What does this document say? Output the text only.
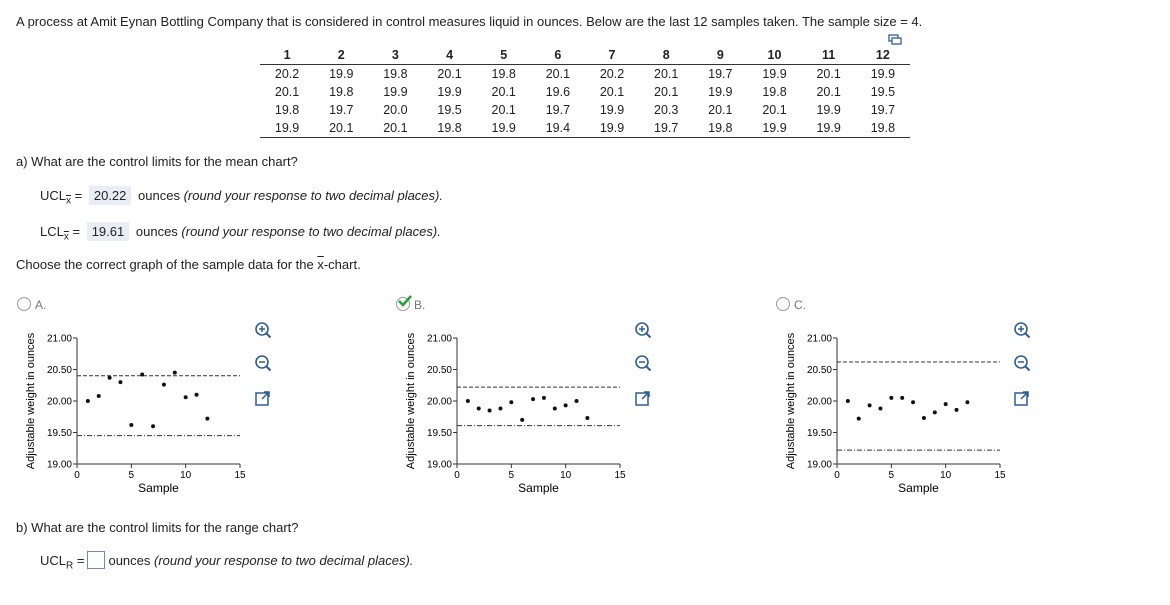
A process at Amit Eynan Bottling Company that is considered in control measures liquid in ounces. Below are the last 12 samples taken. The sample size = 4.
1	2	3	4	5	6	7	8	9	10	11	12
20.2	19.9	19.8	20.1	19.8	20.1	20.2	20.1	19.7	19.9	20.1	19.9
20.1	19.8	19.9	19.9	20.1	19.6	20.1	20.1	19.9	19.8	20.1	19.5
19.8	19.7	20.0	19.5	20.1	19.7	19.9	20.3	20.1	20.1	19.9	19.7
19.9	20.1	20.1	19.8	19.9	19.4	19.9	19.7	19.8	19.9	19.9	19.8
a) What are the control limits for the mean chart?
$UCL_{\overline{x}} = 20.22$ ounces (round your response to two decimal places).
$LCL_{\overline{x}} = 19.61$ ounces (round your response to two decimal places).
Choose the correct graph of the sample data for the $\overline{x}$-chart.
A.	B.	C.
Adjustable weight in ounces 21.00
20.50
20.00
19.50
19.00
0	5	10	15
Sample
Adjustable weight in ounces 21.00
20.50
20.00
19.50
19.00
0	5	10	15
Sample
Adjustable weight in ounces 21.00
20.50
20.00
19.50
19.00
0	5	10	15
Sample
b) What are the control limits for the range chart?
$UCL_R$ = ounces (round your response to two decimal places).
